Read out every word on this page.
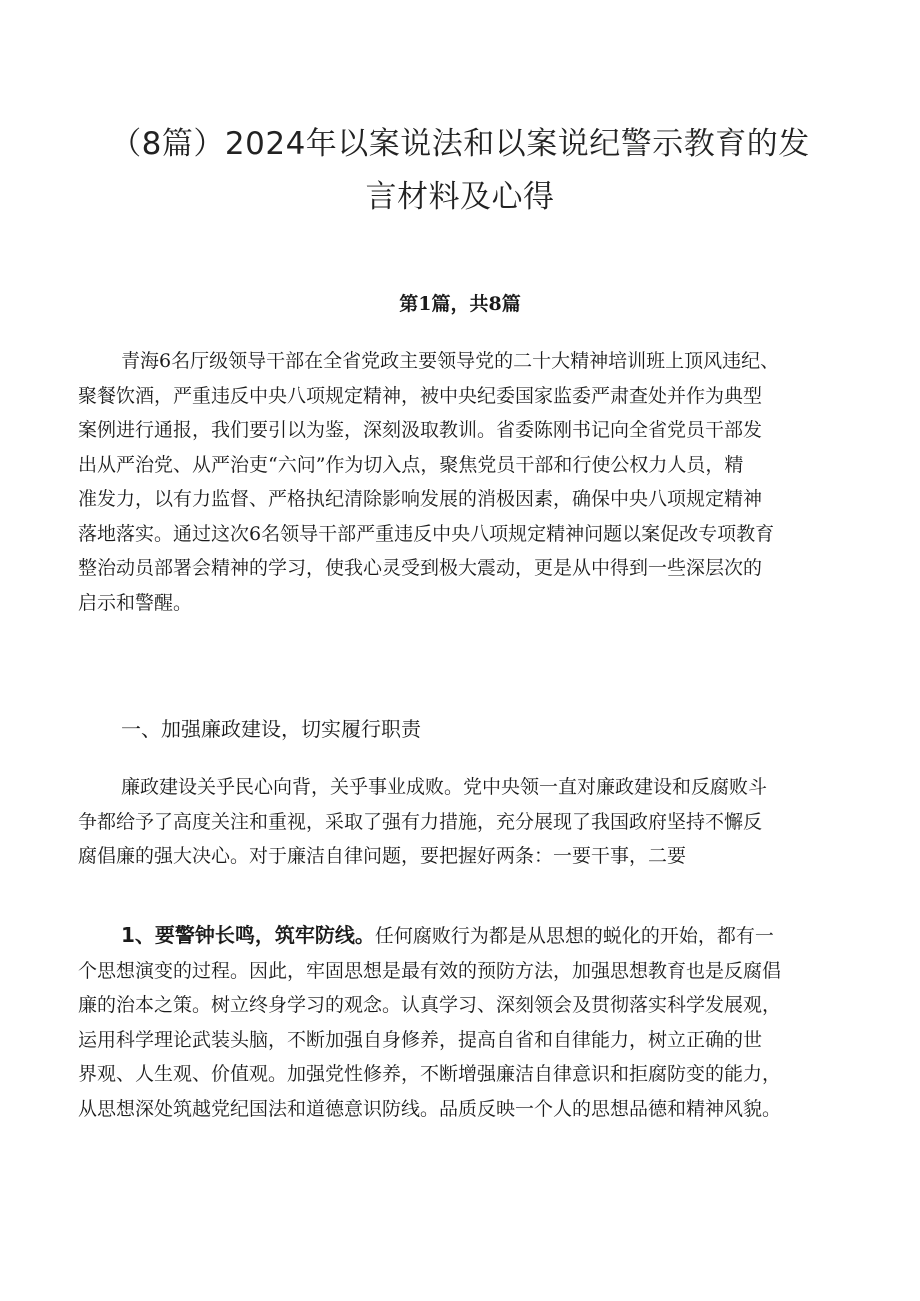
（8篇）2024年以案说法和以案说纪警示教育的发
言材料及心得

第1篇，共8篇

青海6名厅级领导干部在全省党政主要领导党的二十大精神培训班上顶风违纪、
聚餐饮酒，严重违反中央八项规定精神，被中央纪委国家监委严肃查处并作为典型
案例进行通报，我们要引以为鉴，深刻汲取教训。省委陈刚书记向全省党员干部发
出从严治党、从严治吏“六问”作为切入点，聚焦党员干部和行使公权力人员，精
准发力，以有力监督、严格执纪清除影响发展的消极因素，确保中央八项规定精神
落地落实。通过这次6名领导干部严重违反中央八项规定精神问题以案促改专项教育
整治动员部署会精神的学习，使我心灵受到极大震动，更是从中得到一些深层次的
启示和警醒。
一、加强廉政建设，切实履行职责
廉政建设关乎民心向背，关乎事业成败。党中央领一直对廉政建设和反腐败斗
争都给予了高度关注和重视，采取了强有力措施，充分展现了我国政府坚持不懈反
腐倡廉的强大决心。对于廉洁自律问题，要把握好两条：一要干事，二要
1、要警钟长鸣，筑牢防线。任何腐败行为都是从思想的蜕化的开始，都有一
个思想演变的过程。因此，牢固思想是最有效的预防方法，加强思想教育也是反腐倡
廉的治本之策。树立终身学习的观念。认真学习、深刻领会及贯彻落实科学发展观，
运用科学理论武装头脑，不断加强自身修养，提高自省和自律能力，树立正确的世
界观、人生观、价值观。加强党性修养，不断增强廉洁自律意识和拒腐防变的能力，
从思想深处筑越党纪国法和道德意识防线。品质反映一个人的思想品德和精神风貌。
